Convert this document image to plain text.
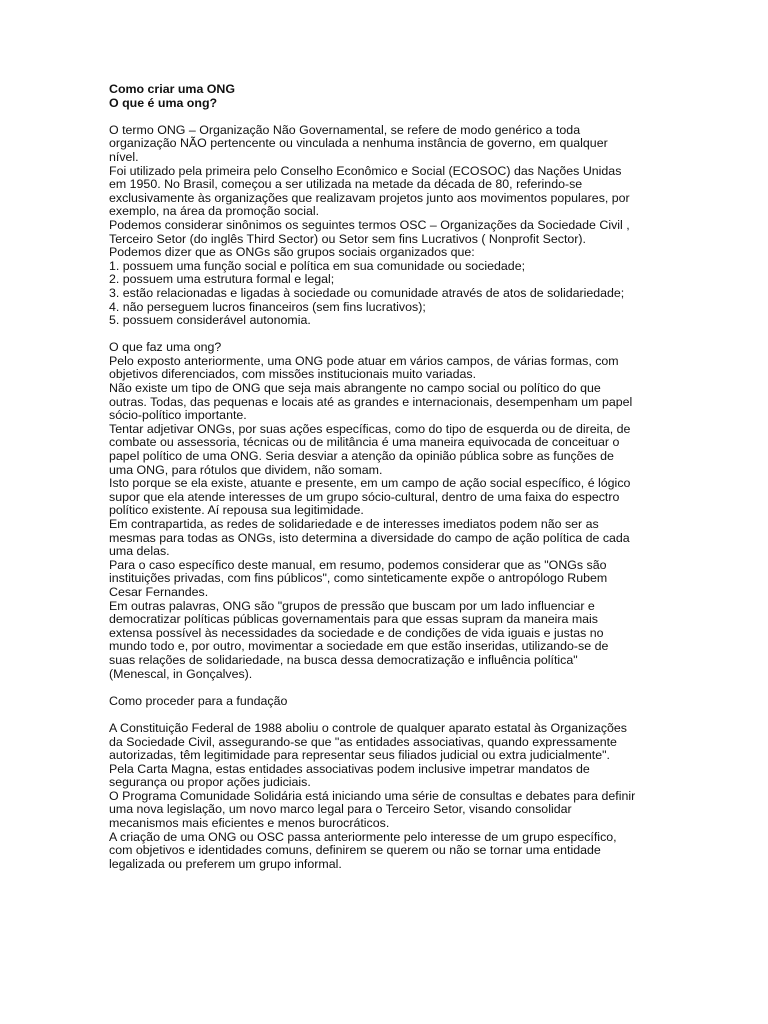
Como criar uma ONG
O que é uma ong?
O termo ONG – Organização Não Governamental, se refere de modo genérico a toda
organização NÃO pertencente ou vinculada a nenhuma instância de governo, em qualquer
nível.
Foi utilizado pela primeira pelo Conselho Econômico e Social (ECOSOC) das Nações Unidas
em 1950. No Brasil, começou a ser utilizada na metade da década de 80, referindo-se
exclusivamente às organizações que realizavam projetos junto aos movimentos populares, por
exemplo, na área da promoção social.
Podemos considerar sinônimos os seguintes termos OSC – Organizações da Sociedade Civil ,
Terceiro Setor (do inglês Third Sector) ou Setor sem fins Lucrativos ( Nonprofit Sector).
Podemos dizer que as ONGs são grupos sociais organizados que:
1. possuem uma função social e política em sua comunidade ou sociedade;
2. possuem uma estrutura formal e legal;
3. estão relacionadas e ligadas à sociedade ou comunidade através de atos de solidariedade;
4. não perseguem lucros financeiros (sem fins lucrativos);
5. possuem considerável autonomia.
O que faz uma ong?
Pelo exposto anteriormente, uma ONG pode atuar em vários campos, de várias formas, com
objetivos diferenciados, com missões institucionais muito variadas.
Não existe um tipo de ONG que seja mais abrangente no campo social ou político do que
outras. Todas, das pequenas e locais até as grandes e internacionais, desempenham um papel
sócio-político importante.
Tentar adjetivar ONGs, por suas ações específicas, como do tipo de esquerda ou de direita, de
combate ou assessoria, técnicas ou de militância é uma maneira equivocada de conceituar o
papel político de uma ONG. Seria desviar a atenção da opinião pública sobre as funções de
uma ONG, para rótulos que dividem, não somam.
Isto porque se ela existe, atuante e presente, em um campo de ação social específico, é lógico
supor que ela atende interesses de um grupo sócio-cultural, dentro de uma faixa do espectro
político existente. Aí repousa sua legitimidade.
Em contrapartida, as redes de solidariedade e de interesses imediatos podem não ser as
mesmas para todas as ONGs, isto determina a diversidade do campo de ação política de cada
uma delas.
Para o caso específico deste manual, em resumo, podemos considerar que as "ONGs são
instituições privadas, com fins públicos", como sinteticamente expõe o antropólogo Rubem
Cesar Fernandes.
Em outras palavras, ONG são "grupos de pressão que buscam por um lado influenciar e
democratizar políticas públicas governamentais para que essas supram da maneira mais
extensa possível às necessidades da sociedade e de condições de vida iguais e justas no
mundo todo e, por outro, movimentar a sociedade em que estão inseridas, utilizando-se de
suas relações de solidariedade, na busca dessa democratização e influência política"
(Menescal, in Gonçalves).
Como proceder para a fundação
A Constituição Federal de 1988 aboliu o controle de qualquer aparato estatal às Organizações
da Sociedade Civil, assegurando-se que "as entidades associativas, quando expressamente
autorizadas, têm legitimidade para representar seus filiados judicial ou extra judicialmente".
Pela Carta Magna, estas entidades associativas podem inclusive impetrar mandatos de
segurança ou propor ações judiciais.
O Programa Comunidade Solidária está iniciando uma série de consultas e debates para definir
uma nova legislação, um novo marco legal para o Terceiro Setor, visando consolidar
mecanismos mais eficientes e menos burocráticos.
A criação de uma ONG ou OSC passa anteriormente pelo interesse de um grupo específico,
com objetivos e identidades comuns, definirem se querem ou não se tornar uma entidade
legalizada ou preferem um grupo informal.
